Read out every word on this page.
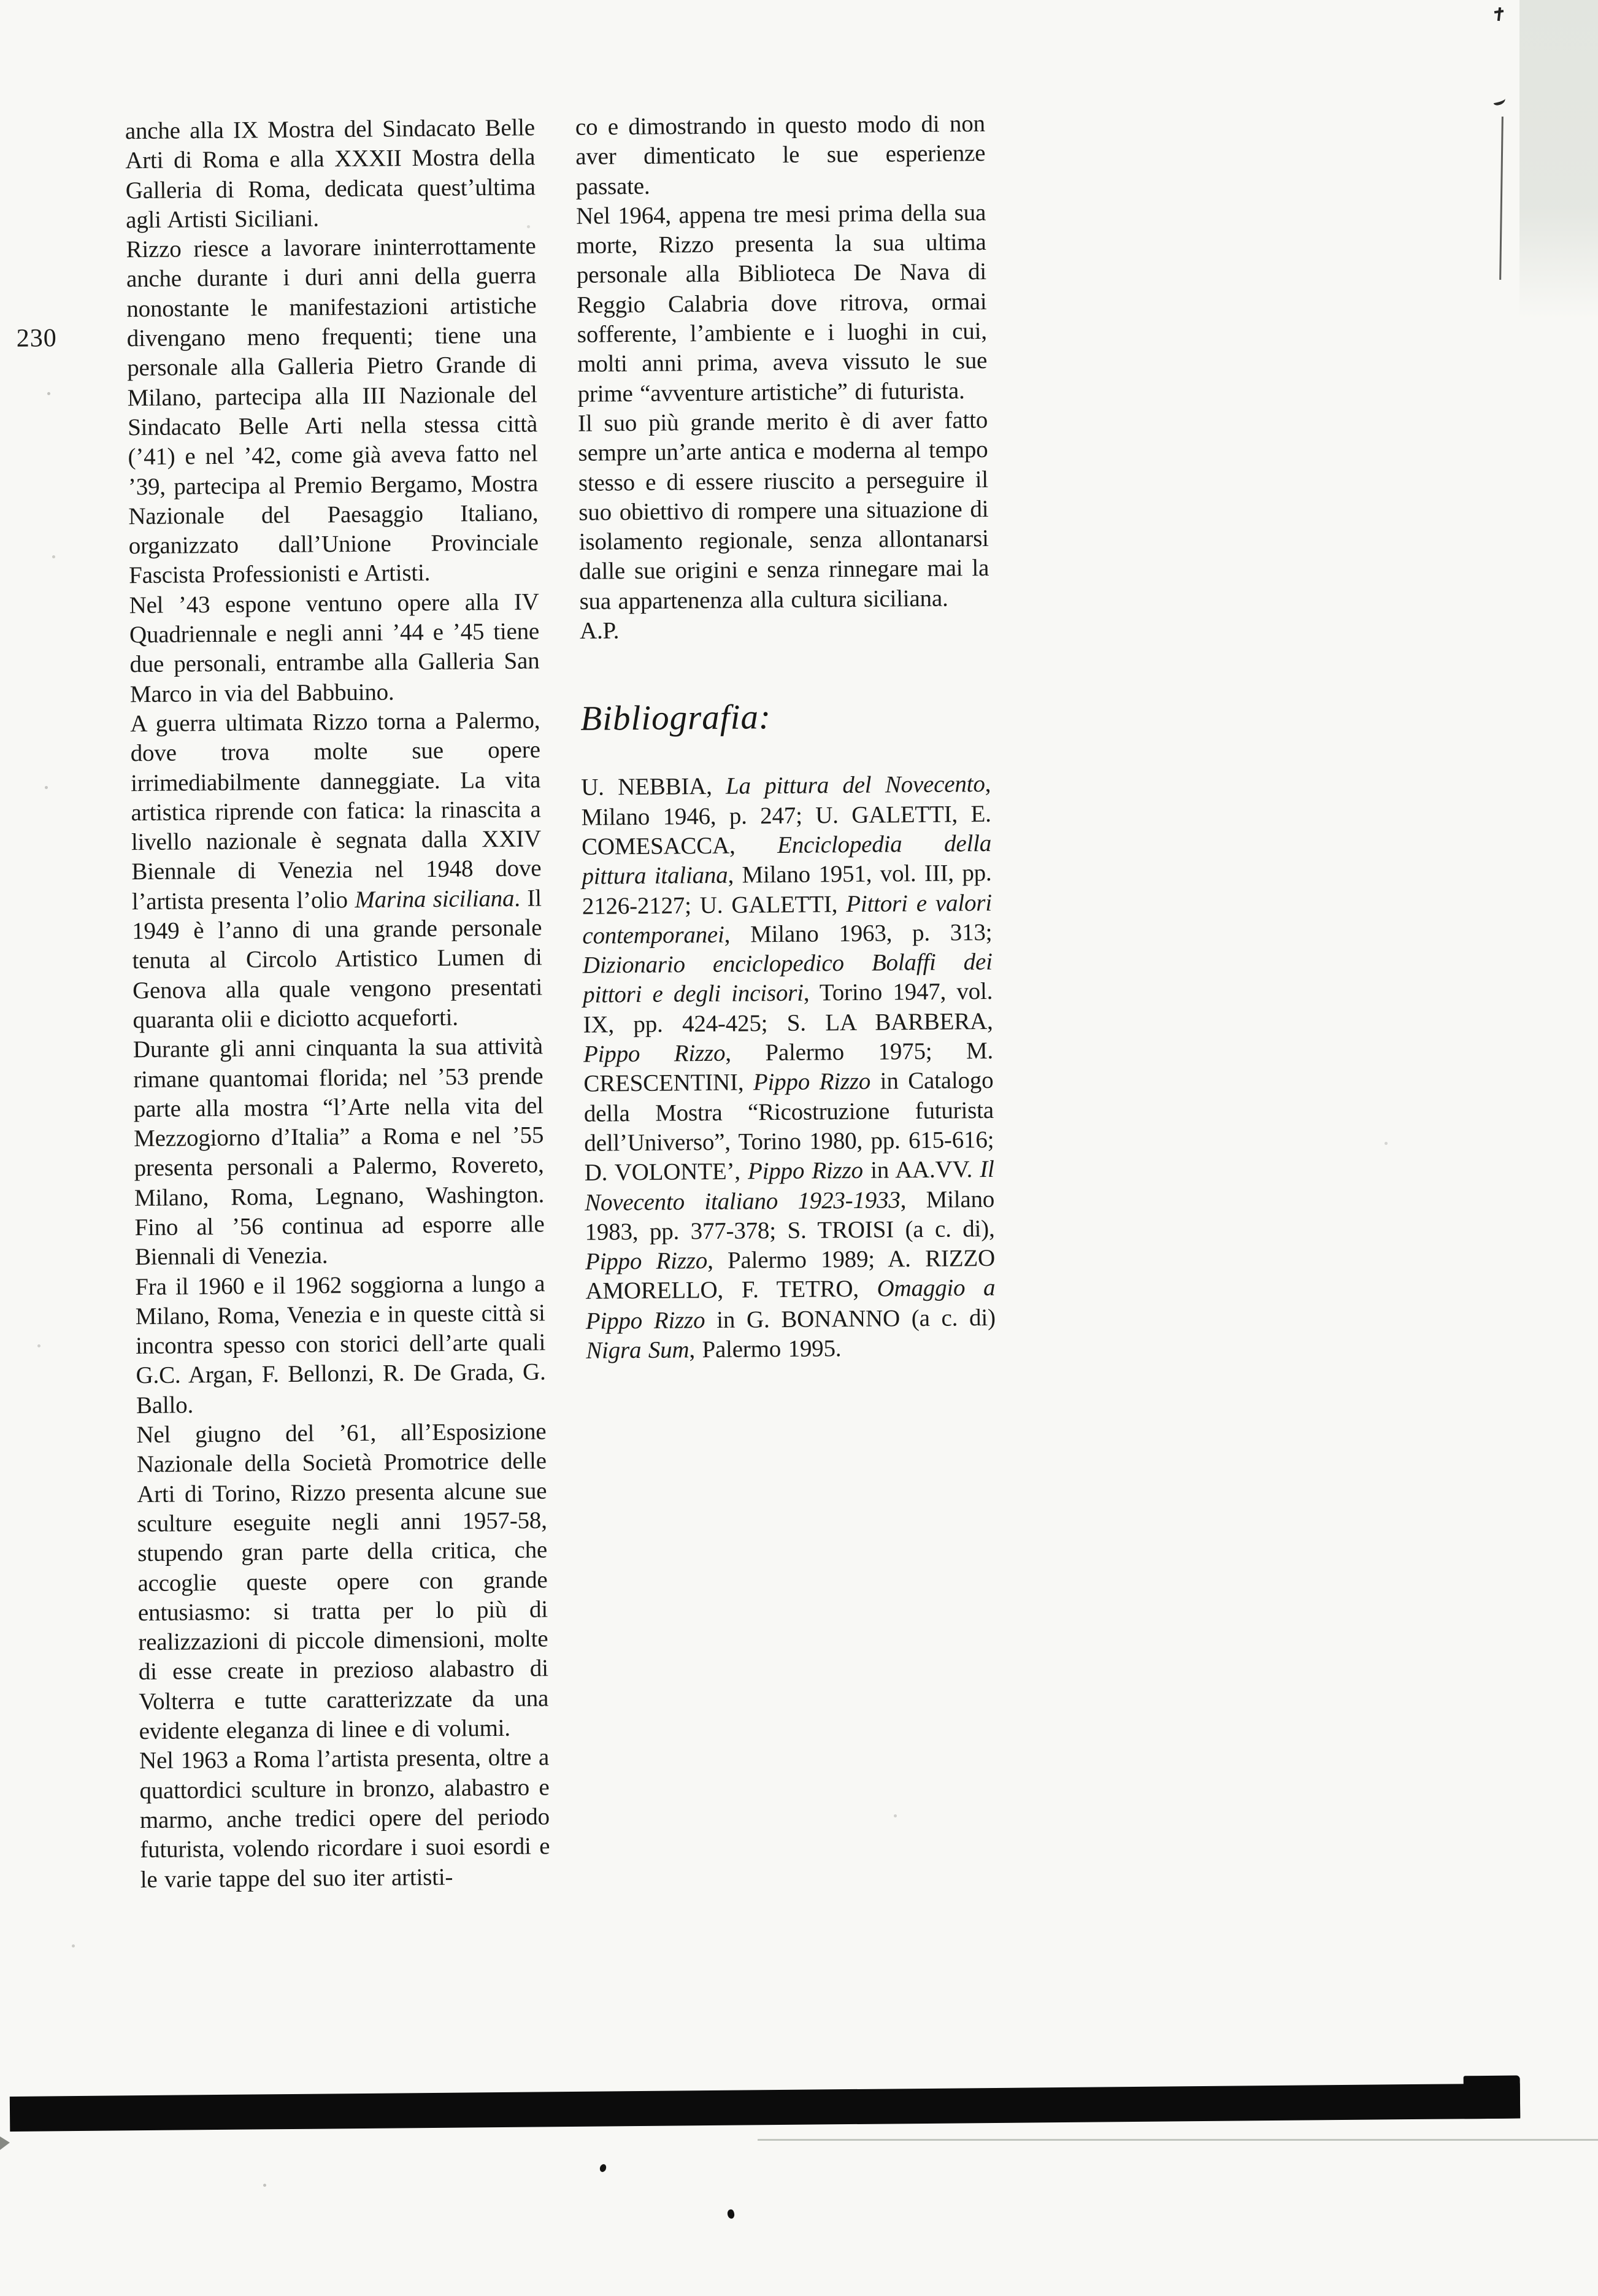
230

anche alla IX Mostra del Sindacato Belle Arti di Roma e alla XXXII Mostra della Galleria di Roma, dedicata quest’ultima agli Artisti Siciliani.

Rizzo riesce a lavorare ininterrottamente anche durante i duri anni della guerra nonostante le manifestazioni artistiche divengano meno frequenti; tiene una personale alla Galleria Pietro Grande di Milano, partecipa alla III Nazionale del Sindacato Belle Arti nella stessa città (’41) e nel ’42, come già aveva fatto nel ’39, partecipa al Premio Bergamo, Mostra Nazionale del Paesaggio Italiano, organizzato dall’Unione Provinciale Fascista Professionisti e Artisti.

Nel ’43 espone ventuno opere alla IV Quadriennale e negli anni ’44 e ’45 tiene due personali, entrambe alla Galleria San Marco in via del Babbuino.

A guerra ultimata Rizzo torna a Palermo, dove trova molte sue opere irrimediabilmente danneggiate. La vita artistica riprende con fatica: la rinascita a livello nazionale è segnata dalla XXIV Biennale di Venezia nel 1948 dove l’artista presenta l’olio Marina siciliana. Il 1949 è l’anno di una grande personale tenuta al Circolo Artistico Lumen di Genova alla quale vengono presentati quaranta olii e diciotto acqueforti.

Durante gli anni cinquanta la sua attività rimane quantomai florida; nel ’53 prende parte alla mostra “l’Arte nella vita del Mezzogiorno d’Italia” a Roma e nel ’55 presenta personali a Palermo, Rovereto, Milano, Roma, Legnano, Washington. Fino al ’56 continua ad esporre alle Biennali di Venezia.

Fra il 1960 e il 1962 soggiorna a lungo a Milano, Roma, Venezia e in queste città si incontra spesso con storici dell’arte quali G.C. Argan, F. Bellonzi, R. De Grada, G. Ballo.

Nel giugno del ’61, all’Esposizione Nazionale della Società Promotrice delle Arti di Torino, Rizzo presenta alcune sue sculture eseguite negli anni 1957-58, stupendo gran parte della critica, che accoglie queste opere con grande entusiasmo: si tratta per lo più di realizzazioni di piccole dimensioni, molte di esse create in prezioso alabastro di Volterra e tutte caratterizzate da una evidente eleganza di linee e di volumi.

Nel 1963 a Roma l’artista presenta, oltre a quattordici sculture in bronzo, alabastro e marmo, anche tredici opere del periodo futurista, volendo ricordare i suoi esordi e le varie tappe del suo iter artisti-

co e dimostrando in questo modo di non aver dimenticato le sue esperienze passate.

Nel 1964, appena tre mesi prima della sua morte, Rizzo presenta la sua ultima personale alla Biblioteca De Nava di Reggio Calabria dove ritrova, ormai sofferente, l’ambiente e i luoghi in cui, molti anni prima, aveva vissuto le sue prime “avventure artistiche” di futurista.

Il suo più grande merito è di aver fatto sempre un’arte antica e moderna al tempo stesso e di essere riuscito a perseguire il suo obiettivo di rompere una situazione di isolamento regionale, senza allontanarsi dalle sue origini e senza rinnegare mai la sua appartenenza alla cultura siciliana.

A.P.

Bibliografia:

U. NEBBIA, La pittura del Novecento, Milano 1946, p. 247; U. GALETTI, E. COMESACCA, Enciclopedia della pittura italiana, Milano 1951, vol. III, pp. 2126-2127; U. GALETTI, Pittori e valori contemporanei, Milano 1963, p. 313; Dizionario enciclopedico Bolaffi dei pittori e degli incisori, Torino 1947, vol. IX, pp. 424-425; S. LA BARBERA, Pippo Rizzo, Palermo 1975; M. CRESCENTINI, Pippo Rizzo in Catalogo della Mostra “Ricostruzione futurista dell’Universo”, Torino 1980, pp. 615-616; D. VOLONTE’, Pippo Rizzo in AA.VV. Il Novecento italiano 1923-1933, Milano 1983, pp. 377-378; S. TROISI (a c. di), Pippo Rizzo, Palermo 1989; A. RIZZO AMORELLO, F. TETRO, Omaggio a Pippo Rizzo in G. BONANNO (a c. di) Nigra Sum, Palermo 1995.
